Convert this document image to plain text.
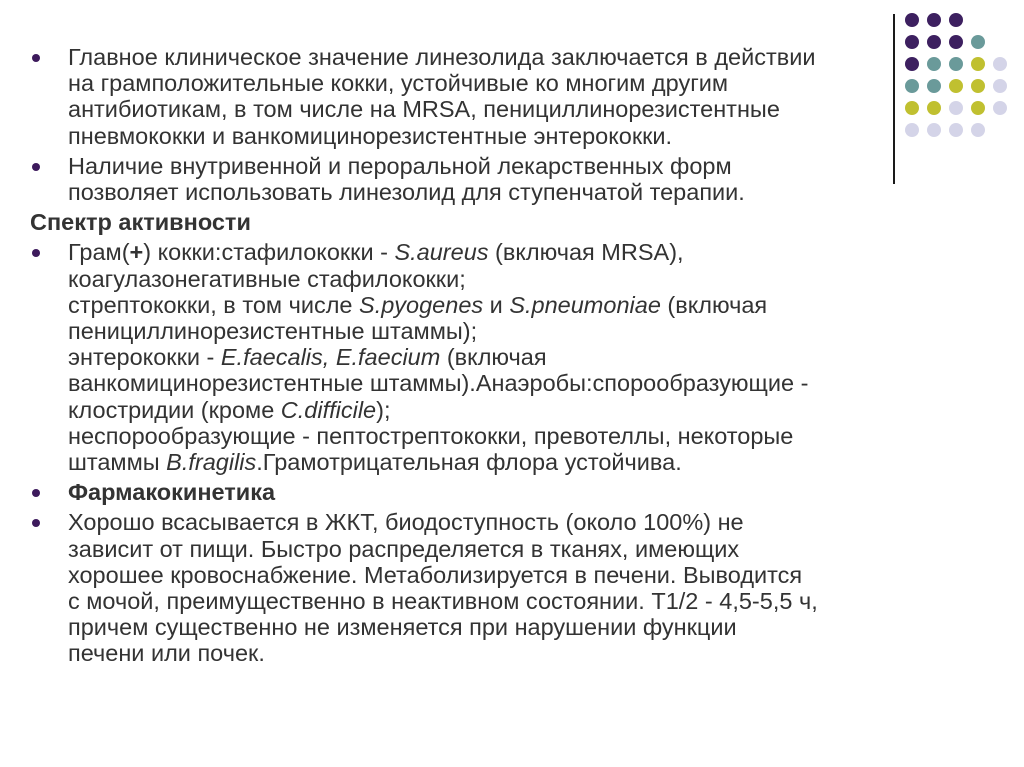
Главное клиническое значение линезолида заключается в действии
на грамположительные кокки, устойчивые ко многим другим
антибиотикам, в том числе на MRSA, пенициллинорезистентные
пневмококки и ванкомицинорезистентные энтерококки.
Наличие внутривенной и пероральной лекарственных форм
позволяет использовать линезолид для ступенчатой терапии.
Спектр активности
Грам(+) кокки:стафилококки - S.aureus (включая MRSA),
коагулазонегативные стафилококки;
стрептококки, в том числе S.pyogenes и S.pneumoniae (включая
пенициллинорезистентные штаммы);
энтерококки - E.faecalis, E.faecium (включая
ванкомицинорезистентные штаммы).Анаэробы:спорообразующие -
клостридии (кроме C.difficile);
неспорообразующие - пептострептококки, превотеллы, некоторые
штаммы B.fragilis.Грамотрицательная флора устойчива.
Фармакокинетика
Хорошо всасывается в ЖКТ, биодоступность (около 100%) не
зависит от пищи. Быстро распределяется в тканях, имеющих
хорошее кровоснабжение. Метаболизируется в печени. Выводится
с мочой, преимущественно в неактивном состоянии. Т1/2 - 4,5-5,5 ч,
причем существенно не изменяется при нарушении функции
печени или почек.
